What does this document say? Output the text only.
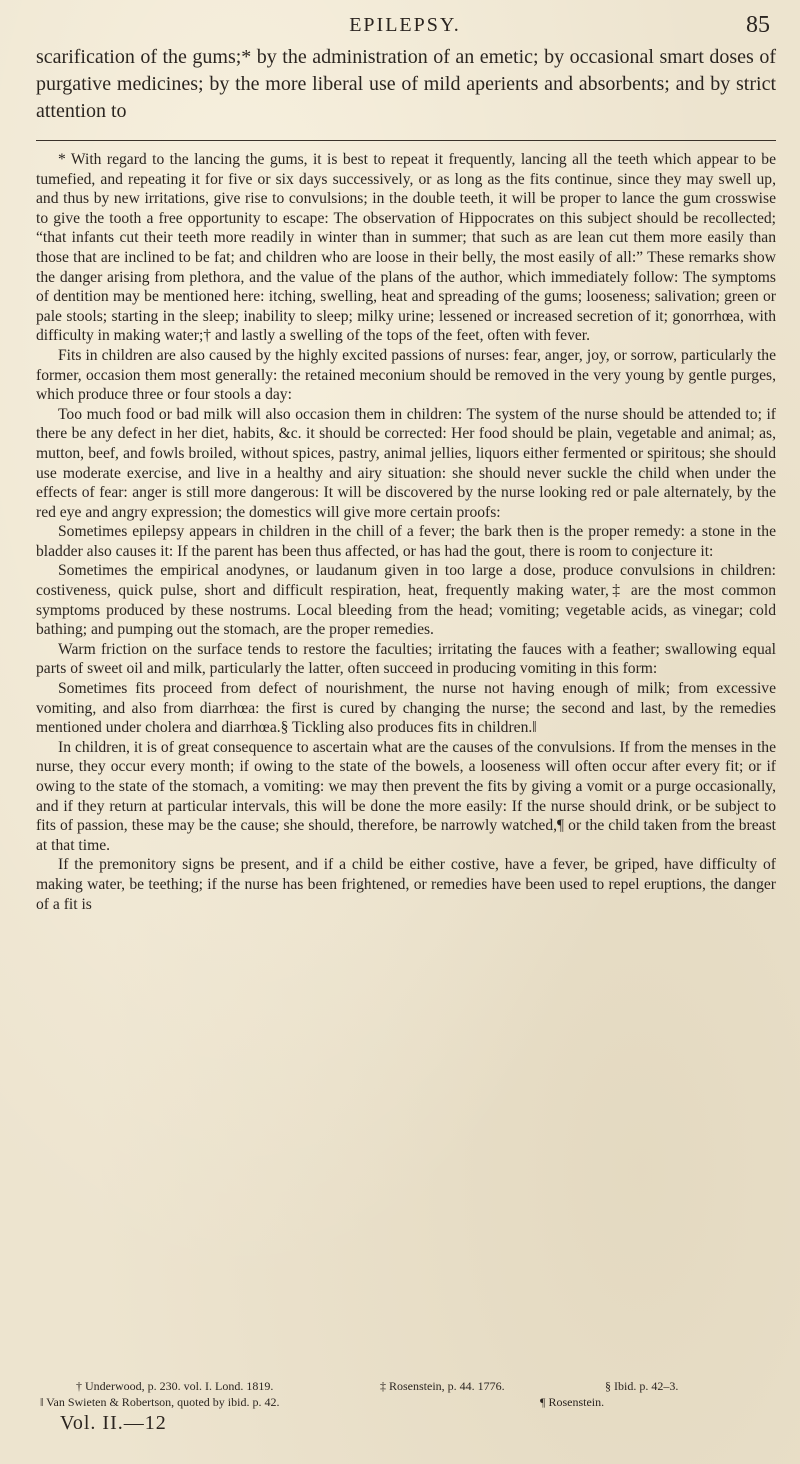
EPILEPSY.	85
scarification of the gums;* by the administration of an emetic; by occasional smart doses of purgative medicines; by the more liberal use of mild aperients and absorbents; and by strict attention to

* With regard to the lancing the gums, it is best to repeat it frequently, lancing all the teeth which appear to be tumefied, and repeating it for five or six days successively, or as long as the fits continue, since they may swell up, and thus by new irritations, give rise to convulsions; in the double teeth, it will be proper to lance the gum crosswise to give the tooth a free opportunity to escape: The observation of Hippocrates on this subject should be recollected; “that infants cut their teeth more readily in winter than in summer; that such as are lean cut them more easily than those that are inclined to be fat; and children who are loose in their belly, the most easily of all:” These remarks show the danger arising from plethora, and the value of the plans of the author, which immediately follow: The symptoms of dentition may be mentioned here: itching, swelling, heat and spreading of the gums; looseness; salivation; green or pale stools; starting in the sleep; inability to sleep; milky urine; lessened or increased secretion of it; gonorrhœa, with difficulty in making water;† and lastly a swelling of the tops of the feet, often with fever.

Fits in children are also caused by the highly excited passions of nurses: fear, anger, joy, or sorrow, particularly the former, occasion them most generally: the retained meconium should be removed in the very young by gentle purges, which produce three or four stools a day:

Too much food or bad milk will also occasion them in children: The system of the nurse should be attended to; if there be any defect in her diet, habits, &c. it should be corrected: Her food should be plain, vegetable and animal; as, mutton, beef, and fowls broiled, without spices, pastry, animal jellies, liquors either fermented or spiritous; she should use moderate exercise, and live in a healthy and airy situation: she should never suckle the child when under the effects of fear: anger is still more dangerous: It will be discovered by the nurse looking red or pale alternately, by the red eye and angry expression; the domestics will give more certain proofs:

Sometimes epilepsy appears in children in the chill of a fever; the bark then is the proper remedy: a stone in the bladder also causes it: If the parent has been thus affected, or has had the gout, there is room to conjecture it:

Sometimes the empirical anodynes, or laudanum given in too large a dose, produce convulsions in children: costiveness, quick pulse, short and difficult respiration, heat, frequently making water,‡ are the most common symptoms produced by these nostrums. Local bleeding from the head; vomiting; vegetable acids, as vinegar; cold bathing; and pumping out the stomach, are the proper remedies.

Warm friction on the surface tends to restore the faculties; irritating the fauces with a feather; swallowing equal parts of sweet oil and milk, particularly the latter, often succeed in producing vomiting in this form:

Sometimes fits proceed from defect of nourishment, the nurse not having enough of milk; from excessive vomiting, and also from diarrhœa: the first is cured by changing the nurse; the second and last, by the remedies mentioned under cholera and diarrhœa.§ Tickling also produces fits in children.‖

In children, it is of great consequence to ascertain what are the causes of the convulsions. If from the menses in the nurse, they occur every month; if owing to the state of the bowels, a looseness will often occur after every fit; or if owing to the state of the stomach, a vomiting: we may then prevent the fits by giving a vomit or a purge occasionally, and if they return at particular intervals, this will be done the more easily: If the nurse should drink, or be subject to fits of passion, these may be the cause; she should, therefore, be narrowly watched,¶ or the child taken from the breast at that time.

If the premonitory signs be present, and if a child be either costive, have a fever, be griped, have difficulty of making water, be teething; if the nurse has been frightened, or remedies have been used to repel eruptions, the danger of a fit is

† Underwood, p. 230. vol. I. Lond. 1819.	‡ Rosenstein, p. 44. 1776.	§ Ibid. p. 42–3.
‖ Van Swieten & Robertson, quoted by ibid. p. 42.	¶ Rosenstein.
Vol. II.—12
